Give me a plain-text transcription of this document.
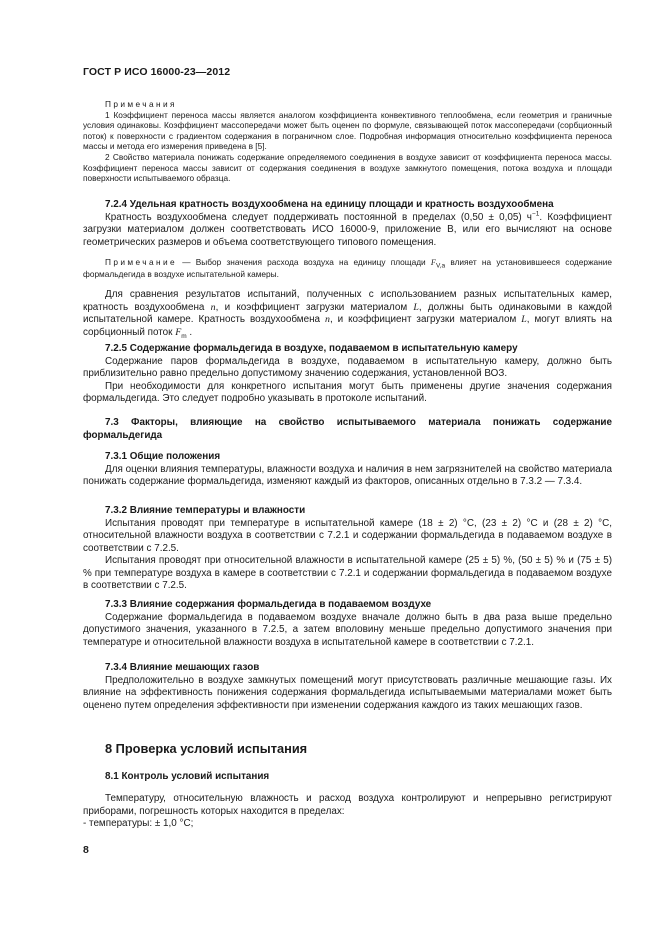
ГОСТ Р ИСО 16000-23—2012

Примечания

1 Коэффициент переноса массы является аналогом коэффициента конвективного теплообмена, если геометрия и граничные условия одинаковы. Коэффициент массопередачи может быть оценен по формуле, связывающей поток массопередачи (сорбционный поток) к поверхности с градиентом содержания в пограничном слое. Подробная информация относительно коэффициента переноса массы и метода его измерения приведена в [5].

2 Свойство материала понижать содержание определяемого соединения в воздухе зависит от коэффициента переноса массы. Коэффициент переноса массы зависит от содержания соединения в воздухе замкнутого помещения, потока воздуха и площади поверхности испытываемого образца.

7.2.4 Удельная кратность воздухообмена на единицу площади и кратность воздухообмена

Кратность воздухообмена следует поддерживать постоянной в пределах (0,50 ± 0,05) $ч^{-1}$. Коэффициент загрузки материалом должен соответствовать ИСО 16000-9, приложение В, или его вычисляют на основе геометрических размеров и объема соответствующего типового помещения.

Примечание — Выбор значения расхода воздуха на единицу площади $F_{V,a}$ влияет на установившееся содержание формальдегида в воздухе испытательной камеры.

Для сравнения результатов испытаний, полученных с использованием разных испытательных камер, кратность воздухообмена n, и коэффициент загрузки материалом L, должны быть одинаковыми в каждой испытательной камере. Кратность воздухообмена n, и коэффициент загрузки материалом L, могут влиять на сорбционный поток $F_m$ .

7.2.5 Содержание формальдегида в воздухе, подаваемом в испытательную камеру

Содержание паров формальдегида в воздухе, подаваемом в испытательную камеру, должно быть приблизительно равно предельно допустимому значению содержания, установленной ВОЗ.

При необходимости для конкретного испытания могут быть применены другие значения содержания формальдегида. Это следует подробно указывать в протоколе испытаний.

7.3 Факторы, влияющие на свойство испытываемого материала понижать содержание формальдегида

7.3.1 Общие положения

Для оценки влияния температуры, влажности воздуха и наличия в нем загрязнителей на свойство материала понижать содержание формальдегида, изменяют каждый из факторов, описанных отдельно в 7.3.2 — 7.3.4.

7.3.2 Влияние температуры и влажности

Испытания проводят при температуре в испытательной камере (18 ± 2) °С, (23 ± 2) °С и (28 ± 2) °С, относительной влажности воздуха в соответствии с 7.2.1 и содержании формальдегида в подаваемом воздухе в соответствии с 7.2.5.

Испытания проводят при относительной влажности в испытательной камере (25 ± 5) %, (50 ± 5) % и (75 ± 5) % при температуре воздуха в камере в соответствии с 7.2.1 и содержании формальдегида в подаваемом воздухе в соответствии с 7.2.5.

7.3.3 Влияние содержания формальдегида в подаваемом воздухе

Содержание формальдегида в подаваемом воздухе вначале должно быть в два раза выше предельно допустимого значения, указанного в 7.2.5, а затем вполовину меньше предельно допустимого значения при температуре и относительной влажности воздуха в испытательной камере в соответствии с 7.2.1.

7.3.4 Влияние мешающих газов

Предположительно в воздухе замкнутых помещений могут присутствовать различные мешающие газы. Их влияние на эффективность понижения содержания формальдегида испытываемыми материалами может быть оценено путем определения эффективности при изменении содержания каждого из таких мешающих газов.

8 Проверка условий испытания
8.1 Контроль условий испытания

Температуру, относительную влажность и расход воздуха контролируют и непрерывно регистрируют приборами, погрешность которых находится в пределах:

- температуры: ± 1,0 °С;

8
